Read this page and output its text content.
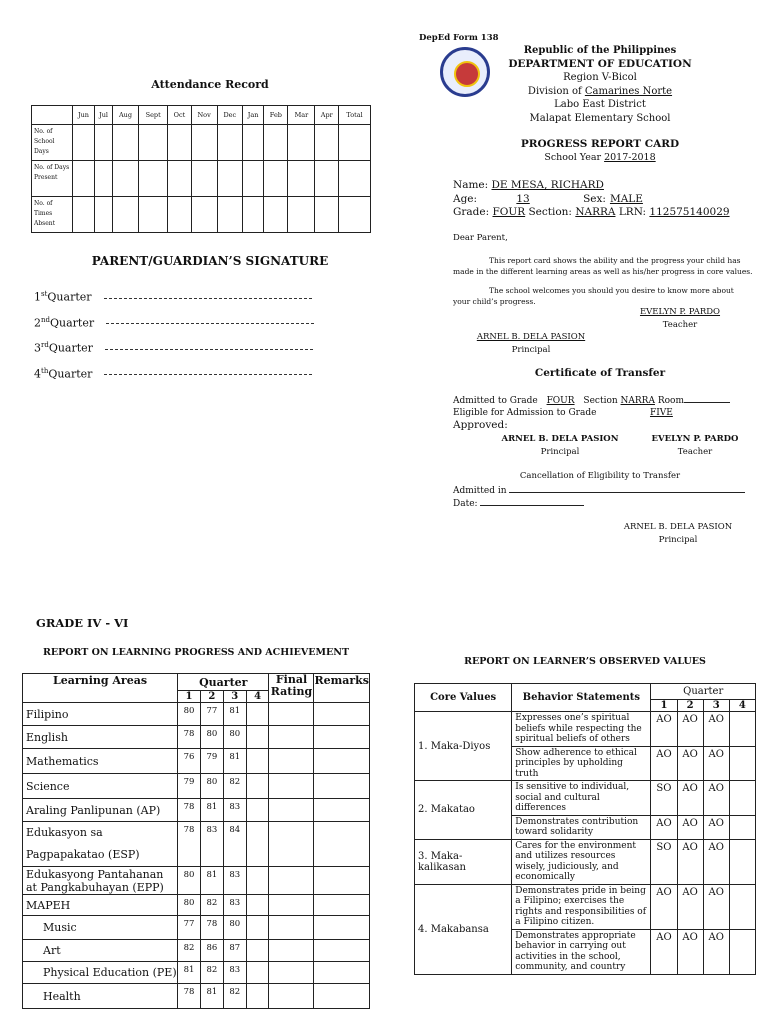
Attendance Record
	Jun	Jul	Aug	Sept	Oct	Nov	Dec	Jan	Feb	Mar	Apr	Total
No. of School Days												
No. of Days Present												
No. of Times Absent												
PARENT/GUARDIAN’S SIGNATURE
1stQuarter
2ndQuarter
3rdQuarter
4thQuarter
DepEd Form 138
Republic of the Philippines
DEPARTMENT OF EDUCATION
Region V-Bicol
Division of Camarines Norte
Labo East District
Malapat Elementary School
PROGRESS REPORT CARD
School Year 2017-2018
Name: DE MESA, RICHARD
Age:	13	Sex: MALE
Grade: FOUR Section: NARRA LRN: 112575140029
Dear Parent,
This report card shows the ability and the progress your child has made in the different learning areas as well as his/her progress in core values.
The school welcomes you should you desire to know more about your child’s progress.
EVELYN P. PARDO
Teacher
ARNEL B. DELA PASION
Principal
Certificate of Transfer
Admitted to Grade FOUR Section NARRA Room
Eligible for Admission to Grade	FIVE
Approved:
ARNEL B. DELA PASION
Principal
EVELYN P. PARDO
Teacher
Cancellation of Eligibility to Transfer
Admitted in
Date:
ARNEL B. DELA PASION
Principal
GRADE IV - VI
REPORT ON LEARNING PROGRESS AND ACHIEVEMENT
Learning Areas	Quarter				Final Rating	Remarks
	1	2	3	4		
Filipino	80	77	81			
English	78	80	80			
Mathematics	76	79	81			
Science	79	80	82			
Araling Panlipunan (AP)	78	81	83			
Edukasyon sa Pagpapakatao (ESP)	78	83	84			
Edukasyong Pantahanan at Pangkabuhayan (EPP)	80	81	83			
MAPEH	80	82	83			
Music	77	78	80			
Art	82	86	87			
Physical Education (PE)	81	82	83			
Health	78	81	82			
REPORT ON LEARNER’S OBSERVED VALUES
Core Values	Behavior Statements	Quarter			
		1	2	3	4
1. Maka-Diyos	Expresses one’s spiritual beliefs while respecting the spiritual beliefs of others	AO	AO	AO	
	Show adherence to ethical principles by upholding truth	AO	AO	AO	
2. Makatao	Is sensitive to individual, social and cultural differences	SO	AO	AO	
	Demonstrates contribution toward solidarity	AO	AO	AO	
3. Maka-kalikasan	Cares for the environment and utilizes resources wisely, judiciously, and economically	SO	AO	AO	
4. Makabansa	Demonstrates pride in being a Filipino; exercises the rights and responsibilities of a Filipino citizen.	AO	AO	AO	
	Demonstrates appropriate behavior in carrying out activities in the school, community, and country	AO	AO	AO	
